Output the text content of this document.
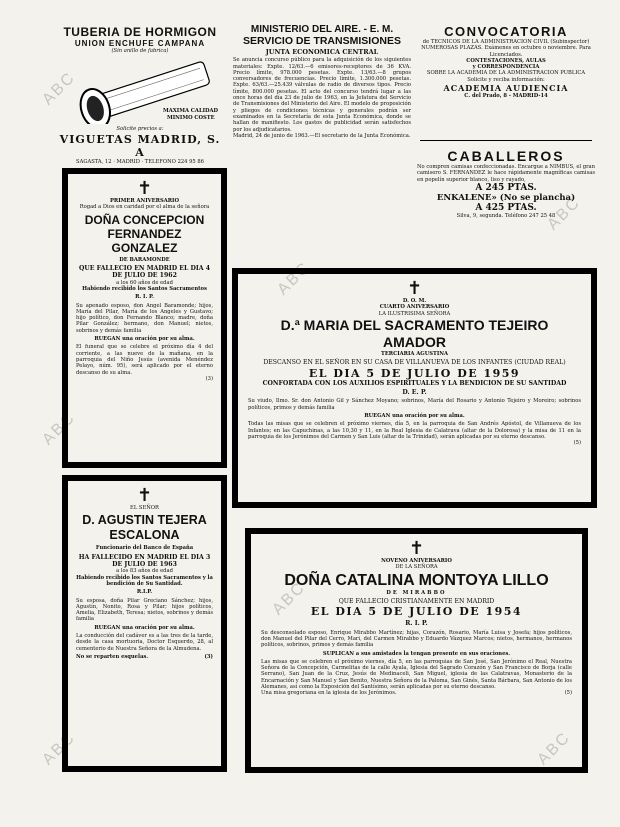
ABC
ABC
ABC
ABC
ABC
ABC
ABC
TUBERIA DE HORMIGON
UNION ENCHUFE CAMPANA
(Sin anillo de fabrica)
MAXIMA CALIDAD
MINIMO COSTE
Solicite precios a:
VIGUETAS MADRID, S. A
SAGASTA, 12 · MADRID · TELEFONO 224 95 86
MINISTERIO DEL AIRE. - E. M.
SERVICIO DE TRANSMISIONES
JUNTA ECONOMICA CENTRAL

Se anuncia concurso público para la adquisición de los siguientes materiales: Expte. 12/63.—6 emisores-receptores de 36 KVA. Precio límite, 978.000 pesetas. Expte. 13/63.—8 grupos conversadores de frecuencias. Precio límite, 1.300.000 pesetas. Expte. 63/63.—25.439 válvulas de radio de diversos tipos. Precio límite, 800.000 pesetas. El acto del concurso tendrá lugar a las once horas del día 23 de julio de 1963, en la Jefatura del Servicio de Transmisiones del Ministerio del Aire. El modelo de proposición y pliegos de condiciones técnicas y generales podrán ser examinados en la Secretaría de esta Junta Económica, donde se hallan de manifiesto. Los gastos de publicidad serán satisfechos por los adjudicatarios.

Madrid, 24 de junio de 1963.—El secretario de la Junta Económica.

CONVOCATORIA

de TECNICOS DE LA ADMINISTRACION CIVIL (Subinspector) NUMEROSAS PLAZAS. Exámenes en octubre o noviembre. Para Licenciados.

CONTESTACIONES, AULAS
y CORRESPONDENCIA
SOBRE LA ACADEMIA DE LA ADMINISTRACION PUBLICA
Solicite y reciba información:
ACADEMIA AUDIENCIA
C. del Prado, 8 - MADRID-14
CABALLEROS

No compren camisas confeccionadas. Encargue a NIMBUS, el gran camisero S. FERNANDEZ le hace rápidamente magníficas camisas en popelín superior blanco, liso y rayado,

A 245 PTAS.
ENKALENE» (No se plancha)
A 425 PTAS.
Silva, 9, segunda. Teléfono 247 25 48
✝
PRIMER ANIVERSARIO
Rogad a Dios en caridad por el alma de la señora
DOÑA CONCEPCION FERNANDEZ GONZALEZ
DE BARAMONDE
QUE FALLECIO EN MADRID EL DIA 4 DE JULIO DE 1962
a los 60 años de edad
Habiendo recibido los Santos Sacramentos
R. I. P.

Su apenado esposo, don Angel Baramonde; hijos, María del Pilar, María de los Angeles y Gustavo; hijo político, don Fernando Blanco; madre, doña Pilar González; hermano, don Manuel; nietos, sobrinos y demás familia

RUEGAN una oración por su alma.

El funeral que se celebre el próximo día 4 del corriente, a las nueve de la mañana, en la parroquia del Niño Jesús (avenida Menéndez Pelayo, núm. 95), será aplicado por el eterno descanso de su alma.

(3)
✝
EL SEÑOR
D. AGUSTIN TEJERA ESCALONA
Funcionario del Banco de España
HA FALLECIDO EN MADRID EL DIA 3 DE JULIO DE 1963
a los 83 años de edad
Habiendo recibido los Santos Sacramentos y la bendición de Su Santidad.
R.I.P.

Su esposa, doña Pilar Greciano Sánchez; hijos, Agustín, Nonito, Rosa y Pilar; hijos políticos, Amelia, Elizabeth, Teresa; nietos, sobrinos y demás familia

RUEGAN una oración por su alma.

La conducción del cadáver es a las tres de la tarde, desde la casa mortuoria, Doctor Esquerdo, 28, al cementerio de Nuestra Señora de la Almudena.

No se reparten esquelas.	(3)
✝
D. O. M.
CUARTO ANIVERSARIO
LA ILUSTRISIMA SEÑORA
D.ª MARIA DEL SACRAMENTO TEJEIRO AMADOR
TERCIARIA AGUSTINA
DESCANSO EN EL SEÑOR EN SU CASA DE VILLANUEVA DE LOS INFANTES (CIUDAD REAL)
EL DIA 5 DE JULIO DE 1959
CONFORTADA CON LOS AUXILIOS ESPIRITUALES Y LA BENDICION DE SU SANTIDAD
D. E. P.

Su viudo, Ilmo. Sr. don Antonio Gil y Sánchez Moyano; sobrinos, María del Rosario y Antonio Tejeiro y Moreiro; sobrinos políticos, primos y demás familia

RUEGAN una oración por su alma.

Todas las misas que se celebren el próximo viernes, día 5, en la parroquia de San Andrés Apóstol, de Villanueva de los Infantes; en las Capuchinas, a las 10,30 y 11, en la Real Iglesia de Calatrava (altar de la Dolorosa) y la misa de 11 en la parroquia de los Jerónimos del Carmen y San Luis (altar de la Trinidad), serán aplicadas por su eterno descanso.

(5)
✝
NOVENO ANIVERSARIO
DE LA SEÑORA
DOÑA CATALINA MONTOYA LILLO
DE MIRABBO
QUE FALLECIO CRISTIANAMENTE EN MADRID
EL DIA 5 DE JULIO DE 1954
R. I. P.

Su desconsolado esposo, Enrique Mirabbo Martínez; hijas, Corazón, Rosario, María Luisa y Josefa; hijos políticos, don Manuel del Pilar del Cerro, Mari, del Carmen Mirabbo y Eduardo Vázquez Marcos; nietos, hermanos, hermanos políticos, sobrinos, primos y demás familia

SUPLICAN a sus amistades la tengan presente en sus oraciones.

Las misas que se celebren el próximo viernes, día 5, en las parroquias de San José, San Jerónimo el Real, Nuestra Señora de la Concepción, Carmelitas de la calle Ayala, Iglesia del Sagrado Corazón y San Francisco de Borja (calle Serrano), San Juan de la Cruz, Jesús de Medinaceli, San Miguel, iglesia de las Calatravas, Monasterio de la Encarnación y San Manuel y San Benito, Nuestra Señora de la Paloma, San Ginés, Santa Bárbara, San Antonio de los Alemanes, así como la Exposición del Santísimo, serán aplicadas por su eterno descanso.

Una misa gregoriana en la iglesia de los Jerónimos.	(5)
